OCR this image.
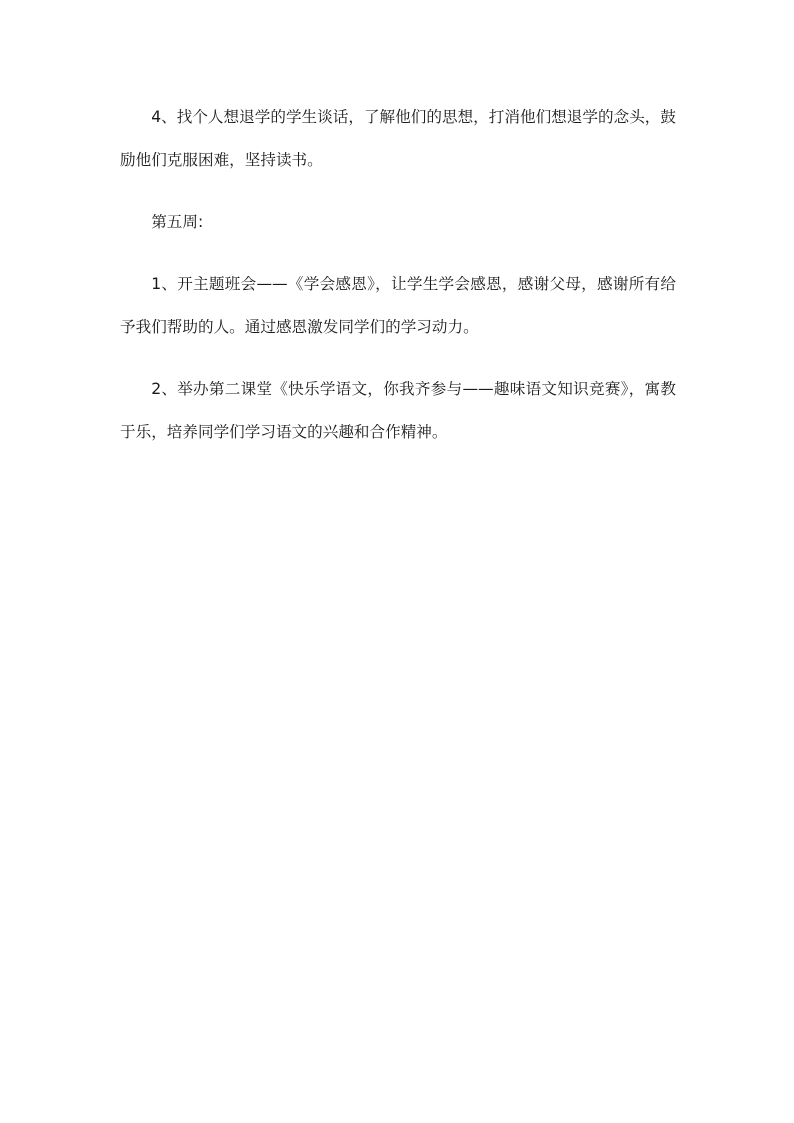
4、找个人想退学的学生谈话，了解他们的思想，打消他们想退学的念头，鼓励他们克服困难，坚持读书。

第五周:

1、开主题班会——《学会感恩》，让学生学会感恩，感谢父母，感谢所有给予我们帮助的人。通过感恩激发同学们的学习动力。

2、举办第二课堂《快乐学语文，你我齐参与——趣味语文知识竞赛》，寓教于乐，培养同学们学习语文的兴趣和合作精神。
